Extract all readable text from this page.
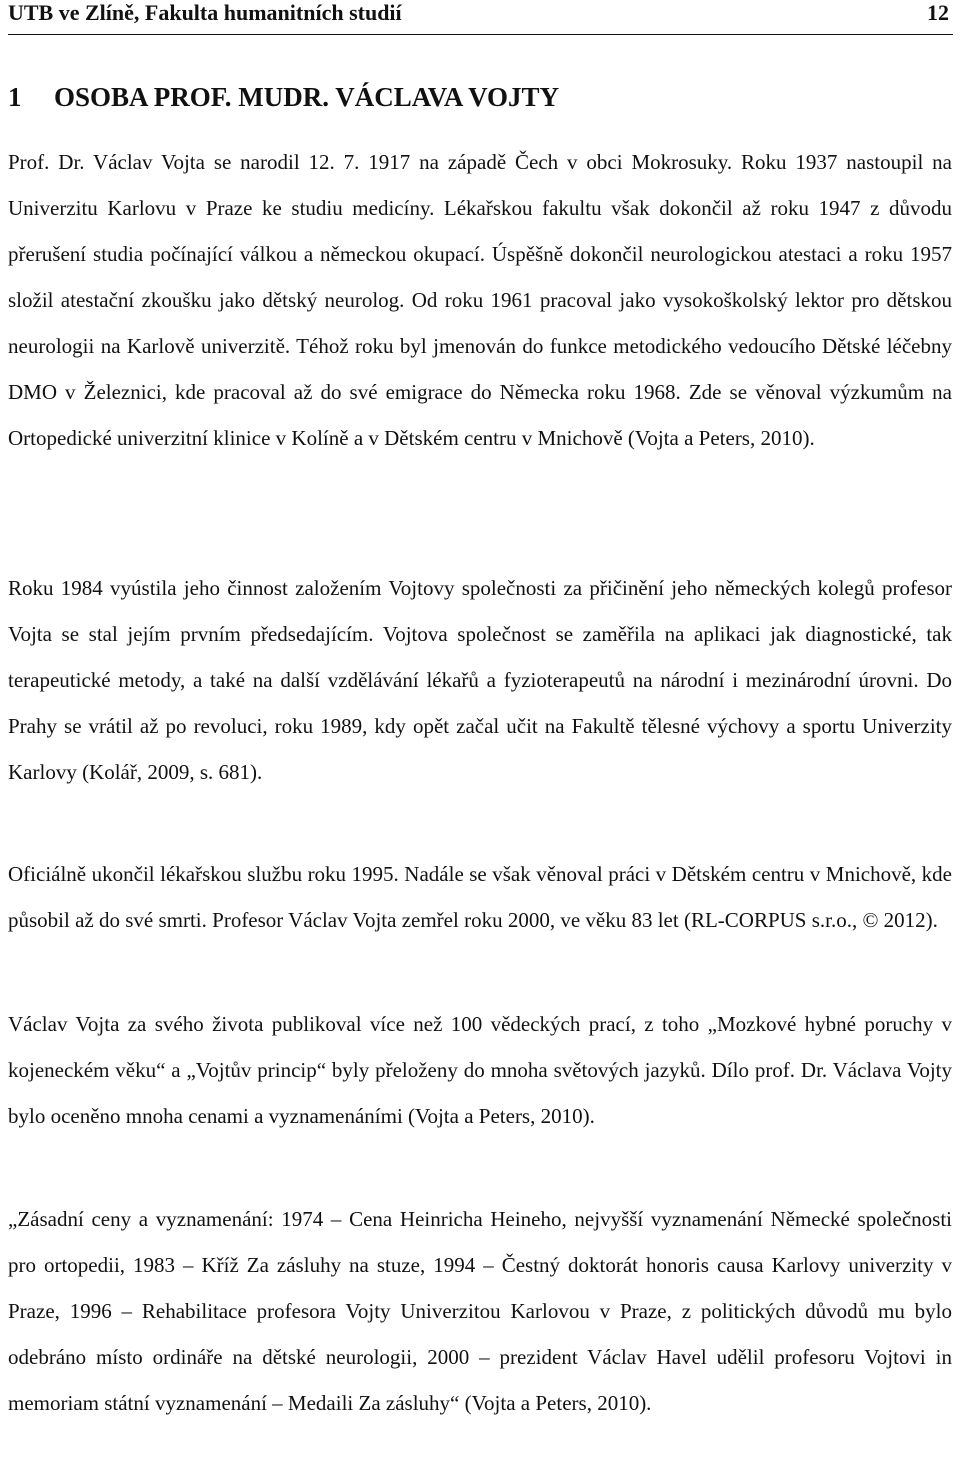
UTB ve Zlíně, Fakulta humanitních studií	12
1 OSOBA PROF. MUDR. VÁCLAVA VOJTY

Prof. Dr. Václav Vojta se narodil 12. 7. 1917 na západě Čech v obci Mokrosuky. Roku 1937 nastoupil na Univerzitu Karlovu v Praze ke studiu medicíny. Lékařskou fakultu však dokončil až roku 1947 z důvodu přerušení studia počínající válkou a německou okupací. Úspěšně dokončil neurologickou atestaci a roku 1957 složil atestační zkoušku jako dětský neurolog. Od roku 1961 pracoval jako vysokoškolský lektor pro dětskou neurologii na Karlově univerzitě. Téhož roku byl jmenován do funkce metodického vedoucího Dětské léčebny DMO v Železnici, kde pracoval až do své emigrace do Německa roku 1968. Zde se věnoval výzkumům na Ortopedické univerzitní klinice v Kolíně a v Dětském centru v Mnichově (Vojta a Peters, 2010).

Roku 1984 vyústila jeho činnost založením Vojtovy společnosti za přičinění jeho německých kolegů profesor Vojta se stal jejím prvním předsedajícím. Vojtova společnost se zaměřila na aplikaci jak diagnostické, tak terapeutické metody, a také na další vzdělávání lékařů a fyzioterapeutů na národní i mezinárodní úrovni. Do Prahy se vrátil až po revoluci, roku 1989, kdy opět začal učit na Fakultě tělesné výchovy a sportu Univerzity Karlovy (Kolář, 2009, s. 681).

Oficiálně ukončil lékařskou službu roku 1995. Nadále se však věnoval práci v Dětském centru v Mnichově, kde působil až do své smrti. Profesor Václav Vojta zemřel roku 2000, ve věku 83 let (RL-CORPUS s.r.o., © 2012).

Václav Vojta za svého života publikoval více než 100 vědeckých prací, z toho „Mozkové hybné poruchy v kojeneckém věku“ a „Vojtův princip“ byly přeloženy do mnoha světových jazyků. Dílo prof. Dr. Václava Vojty bylo oceněno mnoha cenami a vyznamenáními (Vojta a Peters, 2010).

„Zásadní ceny a vyznamenání: 1974 – Cena Heinricha Heineho, nejvyšší vyznamenání Německé společnosti pro ortopedii, 1983 – Kříž Za zásluhy na stuze, 1994 – Čestný doktorát honoris causa Karlovy univerzity v Praze, 1996 – Rehabilitace profesora Vojty Univerzitou Karlovou v Praze, z politických důvodů mu bylo odebráno místo ordináře na dětské neurologii, 2000 – prezident Václav Havel udělil profesoru Vojtovi in memoriam státní vyznamenání – Medaili Za zásluhy“ (Vojta a Peters, 2010).
